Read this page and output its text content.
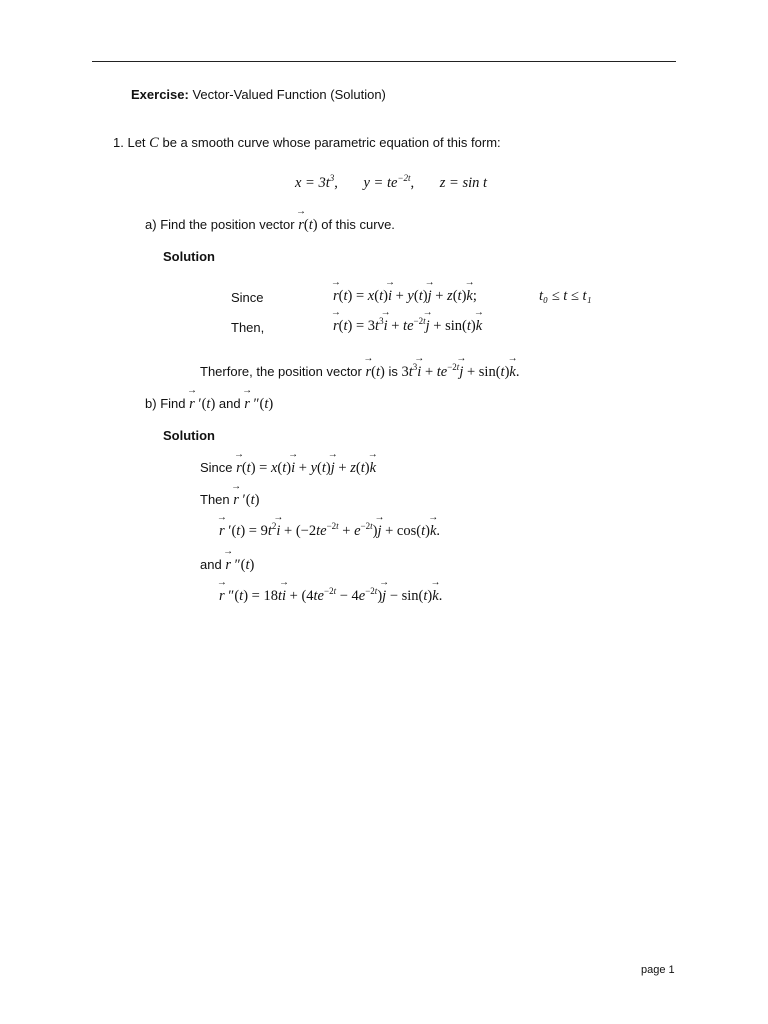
Exercise: Vector-Valued Function (Solution)
1. Let C be a smooth curve whose parametric equation of this form:
$x = 3t^3$, $y = te^{-2t}$, z = sin t
a) Find the position vector r →(t) of this curve.
Solution
Since	r →(t) = x(t)i → + y(t)j → + z(t)k →;	t₀ ≤ t ≤ t₁
Then,	$r \to(t) = 3t^3i$ → + $te^{-2t}j$ → + sin(t)k →
Therfore, the position vector r →(t) is $3t^3i$ → + $te^{-2t}j$ → + sin(t)k →.
b) Find r → ′(t) and r → ″(t)
Solution
Since r →(t) = x(t)i → + y(t)j → + z(t)k →
Then r → ′(t)
$r \to '(t) = 9t^2i$ → + $(-2te^{-2t} + e^{-2t})j$ → + cos(t)k →.
and r → ″(t)
r → ″(t) = 18ti → + $(4te^{-2t} - 4e^{-2t})j$ → − sin(t)k →.
page 1
